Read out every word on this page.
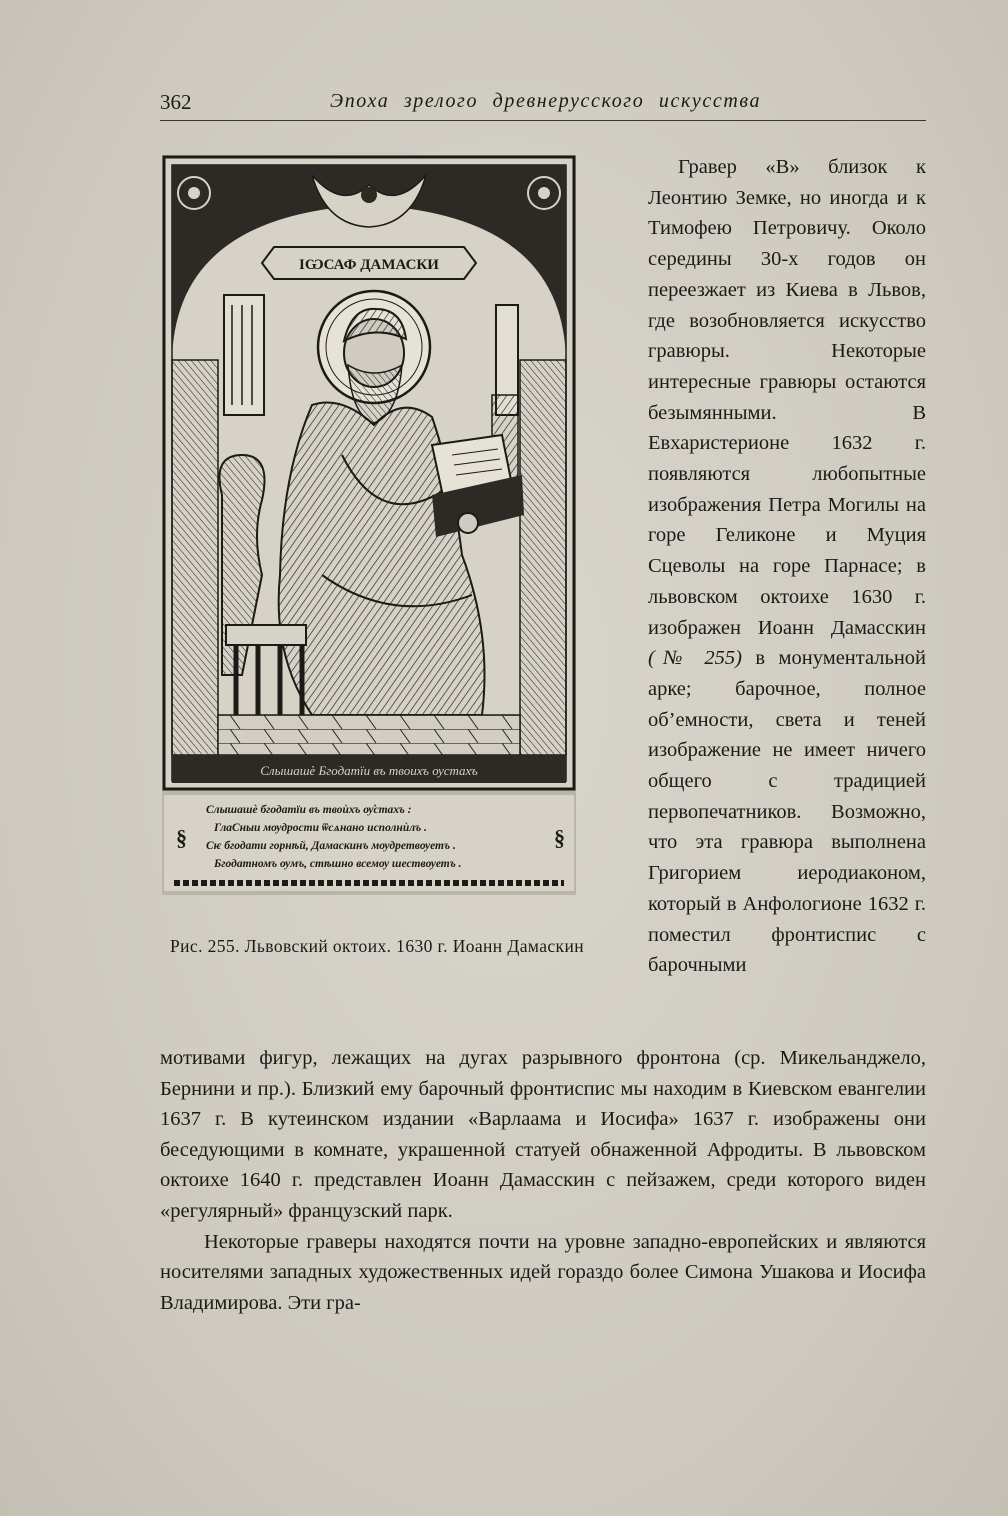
362	Эпоха зрелого древнерусского искусства
ІѠСАФ ДАМАСКИ
Слышашѐ Бгодатїи въ твоихъ ѹстахъ
§	§
Слышашѐ бгодатїи въ твоѝхъ ѹ̓стахъ :
ГлаСныи мѹдрости ѿсѧнано исполнѝлъ .
Сѥ бгодати горнѣй, Дамаскинъ мѹдретвѹетъ .
Бгодатномъ ѹмъ, стѣшно всемѹ шествѹетъ .
Рис. 255. Львовский октоих. 1630 г. Иоанн Дамаскин

Гравер «В» близок к Леонтию Земке, но иногда и к Тимофею Петровичу. Около середины 30-х годов он переезжает из Киева в Львов, где возобновляется искусство гравюры. Некоторые интересные гравюры остаются безымянными. В Евхаристерионе 1632 г. появляются любопытные изображения Петра Могилы на горе Геликоне и Муция Сцеволы на горе Парнасе; в львовском октоихе 1630 г. изображен Иоанн Дамасскин (№ 255) в монументальной арке; барочное, полное об’емности, света и теней изображение не имеет ничего общего с традицией первопечатников. Возможно, что эта гравюра выполнена Григорием иеродиаконом, который в Анфологионе 1632 г. поместил фронтиспис с барочными

мотивами фигур, лежащих на дугах разрывного фронтона (ср. Микельанджело, Бернини и пр.). Близкий ему барочный фронтиспис мы находим в Киевском евангелии 1637 г. В кутеинском издании «Варлаама и Иосифа» 1637 г. изображены они беседующими в комнате, украшенной статуей обнаженной Афродиты. В львовском октоихе 1640 г. представлен Иоанн Дамасскин с пейзажем, среди которого виден «регулярный» французский парк.

Некоторые граверы находятся почти на уровне западно-европейских и являются носителями западных художественных идей гораздо более Симона Ушакова и Иосифа Владимирова. Эти гра-
